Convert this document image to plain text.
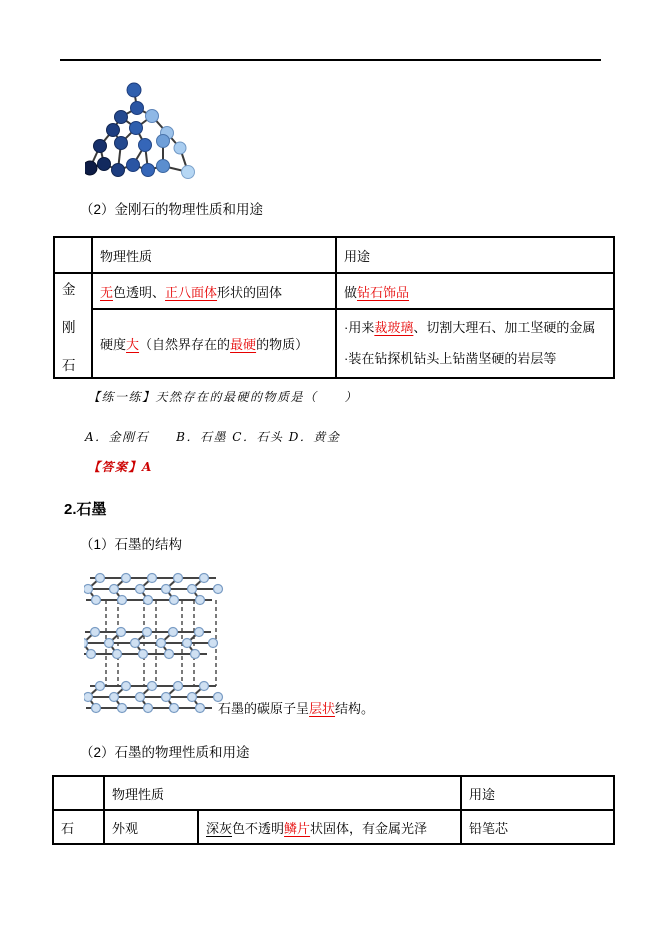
（2）金刚石的物理性质和用途
	物理性质	用途

金
刚
石	无色透明、正八面体形状的固体	做钻石饰品
	硬度大（自然界存在的最硬的物质）	·用来裁玻璃、切割大理石、加工坚硬的金属
·装在钻探机钻头上钻凿坚硬的岩层等
【练一练】天然存在的最硬的物质是（　　）
A．金刚石　　B．石墨 C．石头 D．黄金
【答案】A
2.石墨
（1）石墨的结构
石墨的碳原子呈层状结构。
（2）石墨的物理性质和用途
	物理性质		用途
石	外观	深灰色不透明鳞片状固体，有金属光泽	铅笔芯
